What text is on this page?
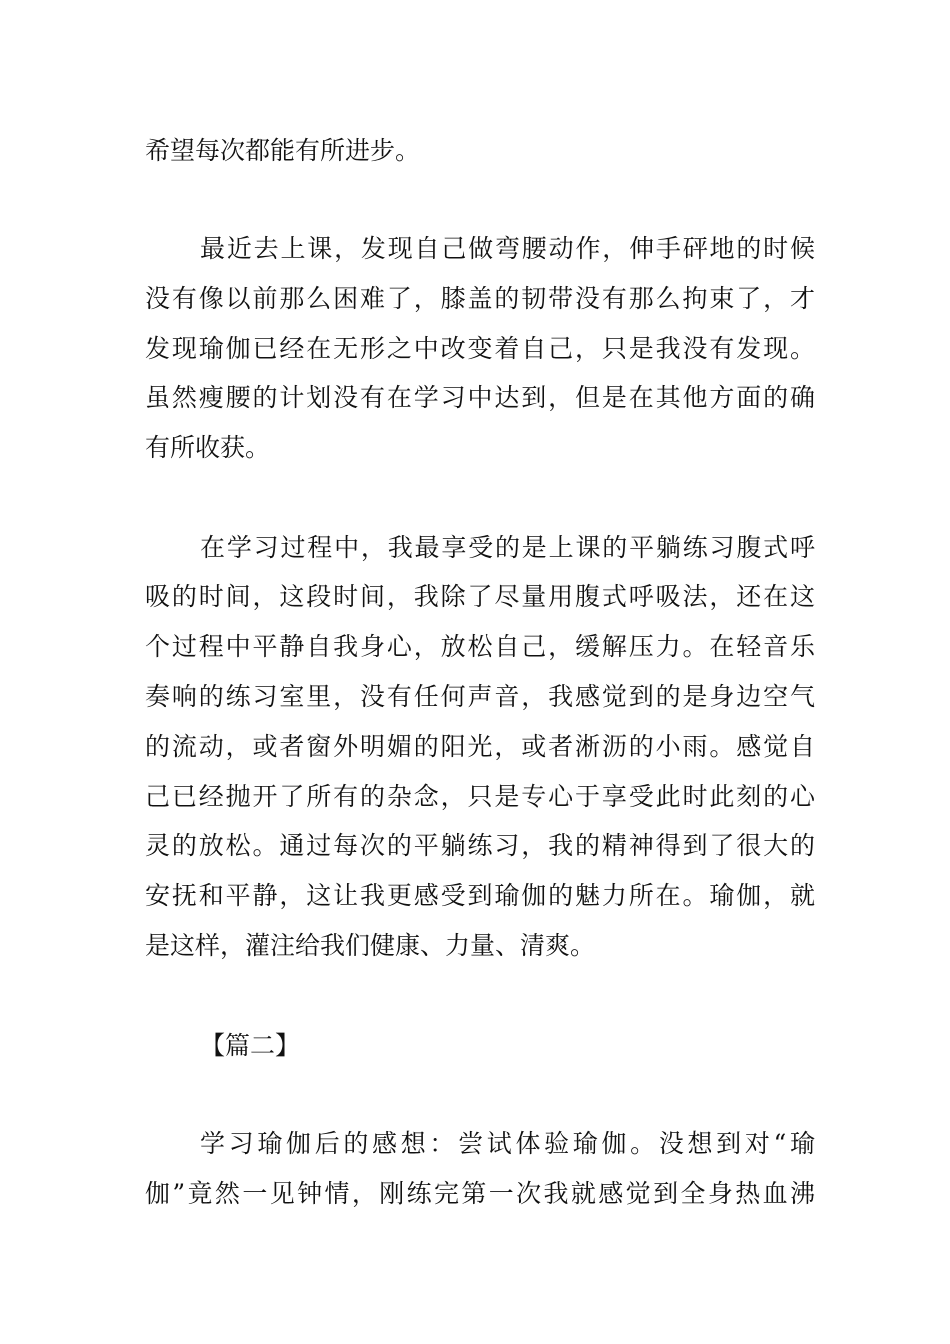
希望每次都能有所进步。
最近去上课，发现自己做弯腰动作，伸手砰地的时候
没有像以前那么困难了，膝盖的韧带没有那么拘束了，才
发现瑜伽已经在无形之中改变着自己，只是我没有发现。
虽然瘦腰的计划没有在学习中达到，但是在其他方面的确
有所收获。
在学习过程中，我最享受的是上课的平躺练习腹式呼
吸的时间，这段时间，我除了尽量用腹式呼吸法，还在这
个过程中平静自我身心，放松自己，缓解压力。在轻音乐
奏响的练习室里，没有任何声音，我感觉到的是身边空气
的流动，或者窗外明媚的阳光，或者淅沥的小雨。感觉自
己已经抛开了所有的杂念，只是专心于享受此时此刻的心
灵的放松。通过每次的平躺练习，我的精神得到了很大的
安抚和平静，这让我更感受到瑜伽的魅力所在。瑜伽，就
是这样，灌注给我们健康、力量、清爽。
【篇二】
学习瑜伽后的感想：尝试体验瑜伽。没想到对“瑜
伽”竟然一见钟情，刚练完第一次我就感觉到全身热血沸
